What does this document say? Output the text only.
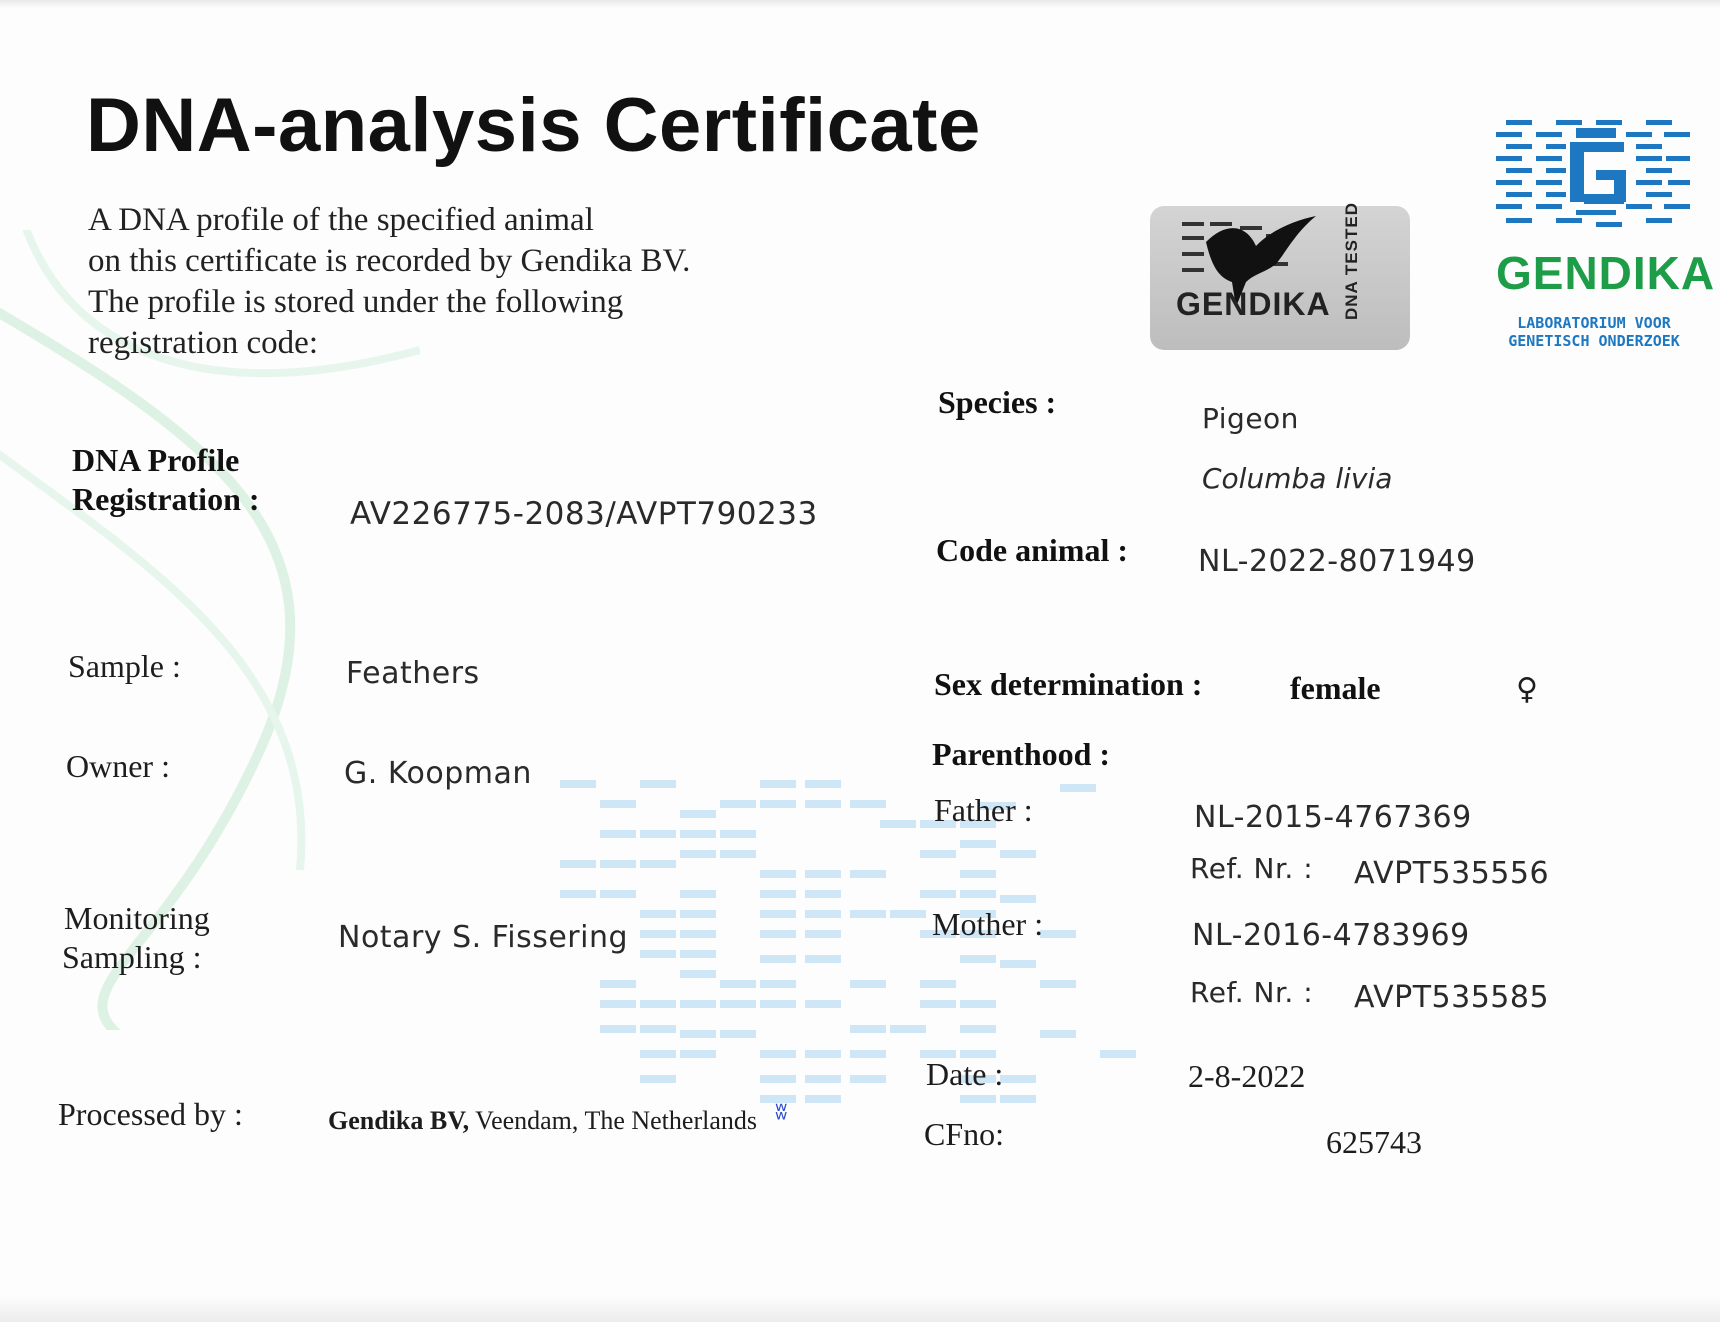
DNA-analysis Certificate
A DNA profile of the specified animal
on this certificate is recorded by Gendika BV.
The profile is stored under the following
registration code:
GENDIKA DNA TESTED	GENDIKA
LABORATORIUM VOOR
GENETISCH ONDERZOEK
DNA Profile
Registration :	AV226775-2083/AVPT790233
Sample :	Feathers
Owner :	G. Koopman
Monitoring
Sampling :
Notary S. Fissering
Processed by :	Gendika BV, Veendam, The Netherlands ʬ
Species :	Pigeon
Columba livia
Code animal : NL-2022-8071949
Sex determination :	female	♀
Parenthood :
Father :	NL-2015-4767369
Ref. Nr. : AVPT535556
Mother :	NL-2016-4783969
Ref. Nr. : AVPT535585
Date :	2-8-2022
CFno:	625743
